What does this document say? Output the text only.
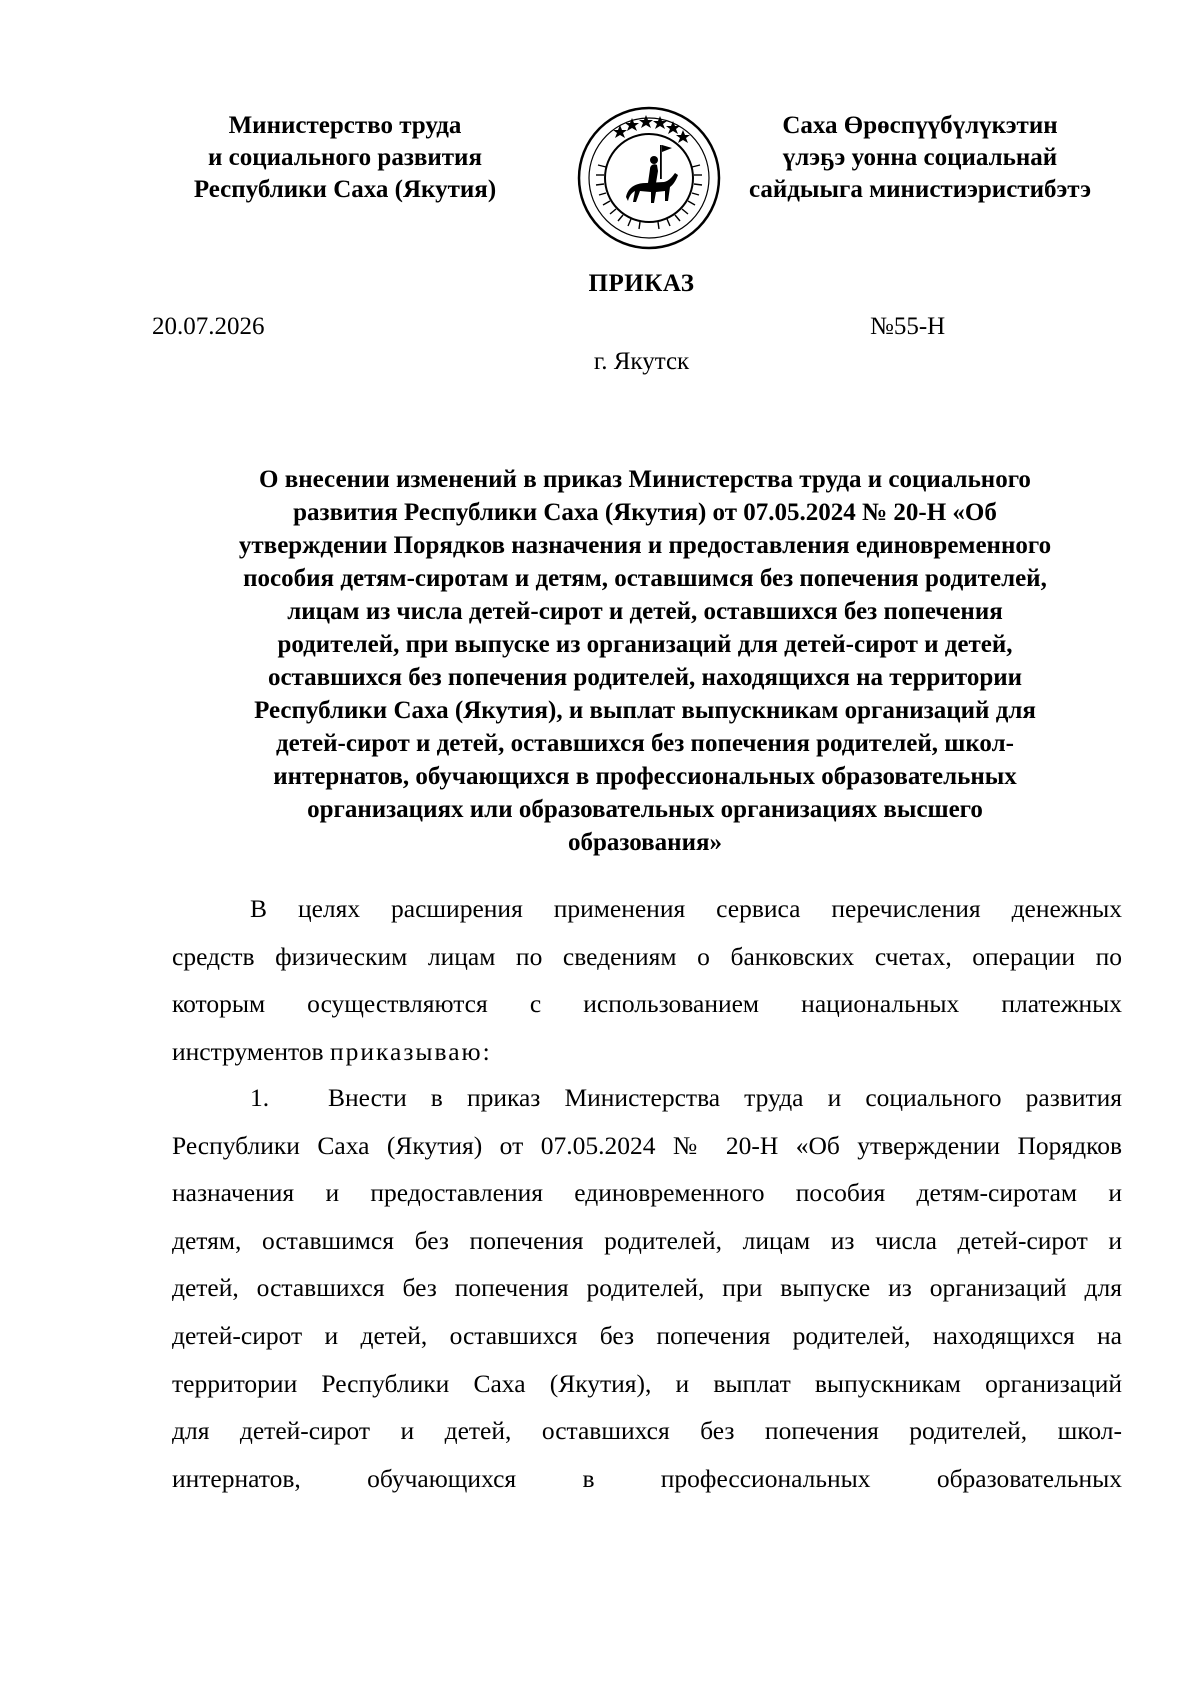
Министерство труда
и социального развития
Республики Саха (Якутия)
Саха Өрөспүүбүлүкэтин
үлэҕэ уонна социальнай
сайдыыга министиэристибэтэ
ПРИКАЗ
20.07.2026	№55-Н
г. Якутск
О внесении изменений в приказ Министерства труда и социального
развития Республики Саха (Якутия) от 07.05.2024 № 20-Н «Об
утверждении Порядков назначения и предоставления единовременного
пособия детям-сиротам и детям, оставшимся без попечения родителей,
лицам из числа детей-сирот и детей, оставшихся без попечения
родителей, при выпуске из организаций для детей-сирот и детей,
оставшихся без попечения родителей, находящихся на территории
Республики Саха (Якутия), и выплат выпускникам организаций для
детей-сирот и детей, оставшихся без попечения родителей, школ-
интернатов, обучающихся в профессиональных образовательных
организациях или образовательных организациях высшего
образования»
В целях расширения применения сервиса перечисления денежных
средств физическим лицам по сведениям о банковских счетах, операции по
которым осуществляются с использованием национальных платежных
инструментов приказываю:
1. Внести в приказ Министерства труда и социального развития
Республики Саха (Якутия) от 07.05.2024 № 20-Н «Об утверждении Порядков
назначения и предоставления единовременного пособия детям-сиротам и
детям, оставшимся без попечения родителей, лицам из числа детей-сирот и
детей, оставшихся без попечения родителей, при выпуске из организаций для
детей-сирот и детей, оставшихся без попечения родителей, находящихся на
территории Республики Саха (Якутия), и выплат выпускникам организаций
для детей-сирот и детей, оставшихся без попечения родителей, школ-
интернатов, обучающихся в профессиональных образовательных
